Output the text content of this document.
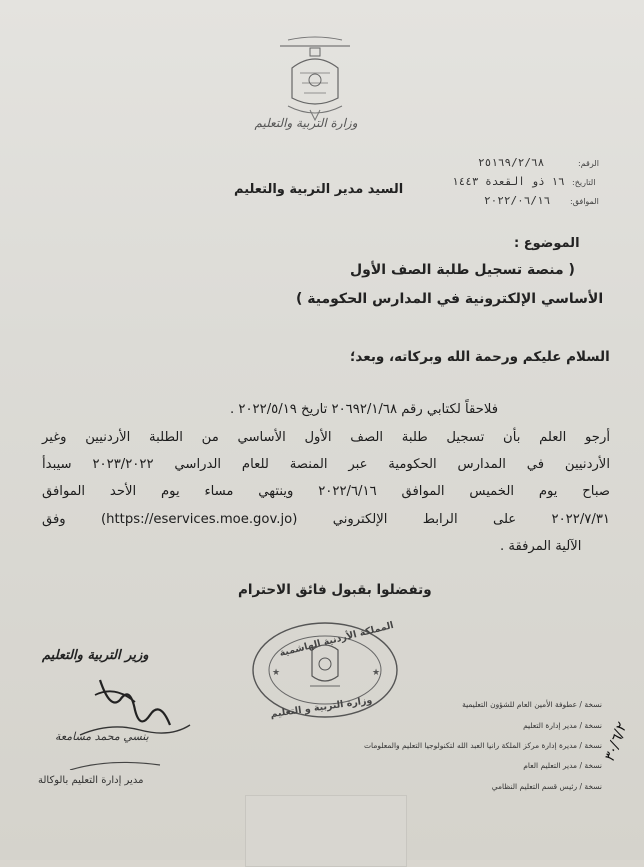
وزارة التربية والتعليم
الرقم:
٢٥١٦٩/٢/٦٨
التاريخ:
١٦ ذو القعدة ١٤٤٣
الموافق:
٢٠٢٢/٠٦/١٦
السيد مدير التربية والتعليم
الموضوع :
( منصة تسجيل طلبة الصف الأول
الأساسي الإلكترونية في المدارس الحكومية )
السلام عليكم ورحمة الله وبركاته، وبعد؛
فلاحقاً لكتابي رقم ٢٠٦٩٢/١/٦٨ تاريخ ٢٠٢٢/٥/١٩ .
أرجو العلم بأن تسجيل طلبة الصف الأول الأساسي من الطلبة الأردنيين وغير
الأردنيين في المدارس الحكومية عبر المنصة للعام الدراسي ٢٠٢٣/٢٠٢٢ سيبدأ
صباح يوم الخميس الموافق ٢٠٢٢/٦/١٦ وينتهي مساء يوم الأحد الموافق
٢٠٢٢/٧/٣١ على الرابط الإلكتروني (https://eservices.moe.gov.jo) وفق
الآلية المرفقة .
وتفضلوا بقبول فائق الاحترام
وزير التربية والتعليم
بنسي محمد مسامعة
مدير إدارة التعليم بالوكالة
★	★
المملكة الأردنية الهاشمية
وزارة التربية و التعليم	نسخة / عطوفة الأمين العام للشؤون التعليمية
نسخة / مدير إدارة التعليم
نسخة / مديرة إدارة مركز الملكة رانيا العبد الله لتكنولوجيا التعليم والمعلومات
نسخة / مدير التعليم العام
نسخة / رئيس قسم التعليم النظامي
٣٠/٦/٢
